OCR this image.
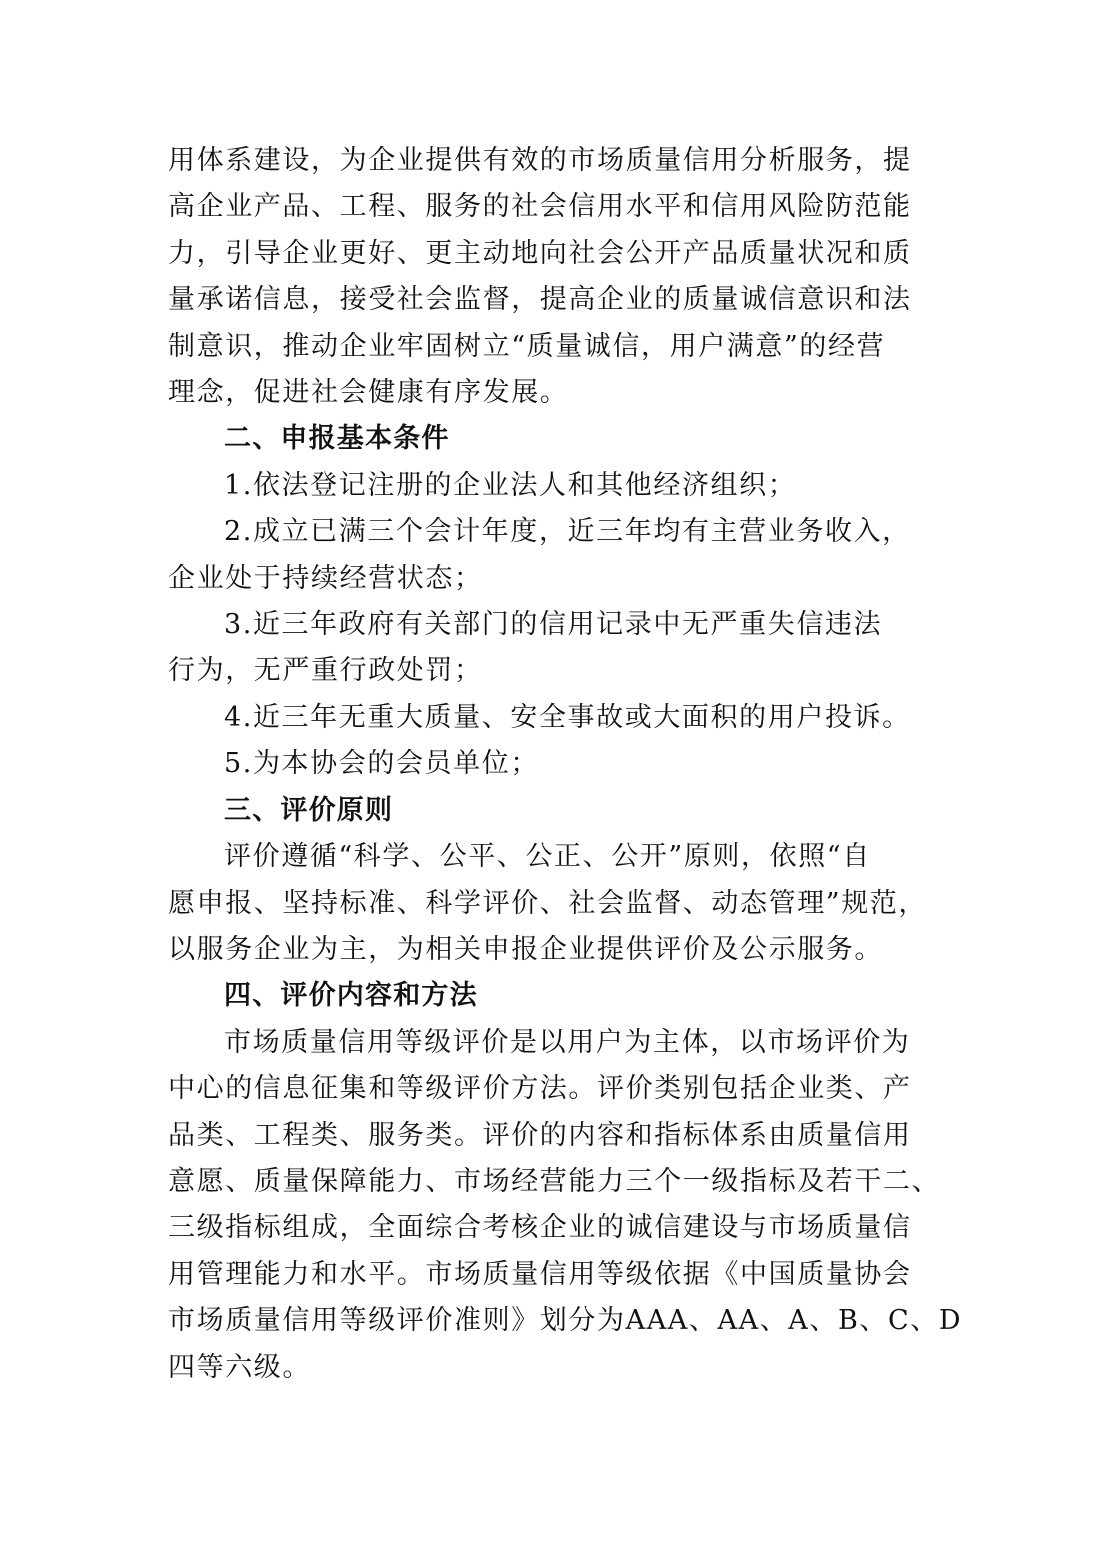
用体系建设，为企业提供有效的市场质量信用分析服务，提
高企业产品、工程、服务的社会信用水平和信用风险防范能
力，引导企业更好、更主动地向社会公开产品质量状况和质
量承诺信息，接受社会监督，提高企业的质量诚信意识和法
制意识，推动企业牢固树立“质量诚信，用户满意”的经营
理念，促进社会健康有序发展。
二、申报基本条件
1.依法登记注册的企业法人和其他经济组织；
2.成立已满三个会计年度，近三年均有主营业务收入，
企业处于持续经营状态；
3.近三年政府有关部门的信用记录中无严重失信违法
行为，无严重行政处罚；
4.近三年无重大质量、安全事故或大面积的用户投诉。
5.为本协会的会员单位；
三、评价原则
评价遵循“科学、公平、公正、公开”原则，依照“自
愿申报、坚持标准、科学评价、社会监督、动态管理”规范，
以服务企业为主，为相关申报企业提供评价及公示服务。
四、评价内容和方法
市场质量信用等级评价是以用户为主体，以市场评价为
中心的信息征集和等级评价方法。评价类别包括企业类、产
品类、工程类、服务类。评价的内容和指标体系由质量信用
意愿、质量保障能力、市场经营能力三个一级指标及若干二、
三级指标组成，全面综合考核企业的诚信建设与市场质量信
用管理能力和水平。市场质量信用等级依据《中国质量协会
市场质量信用等级评价准则》划分为AAA、AA、A、B、C、D
四等六级。
